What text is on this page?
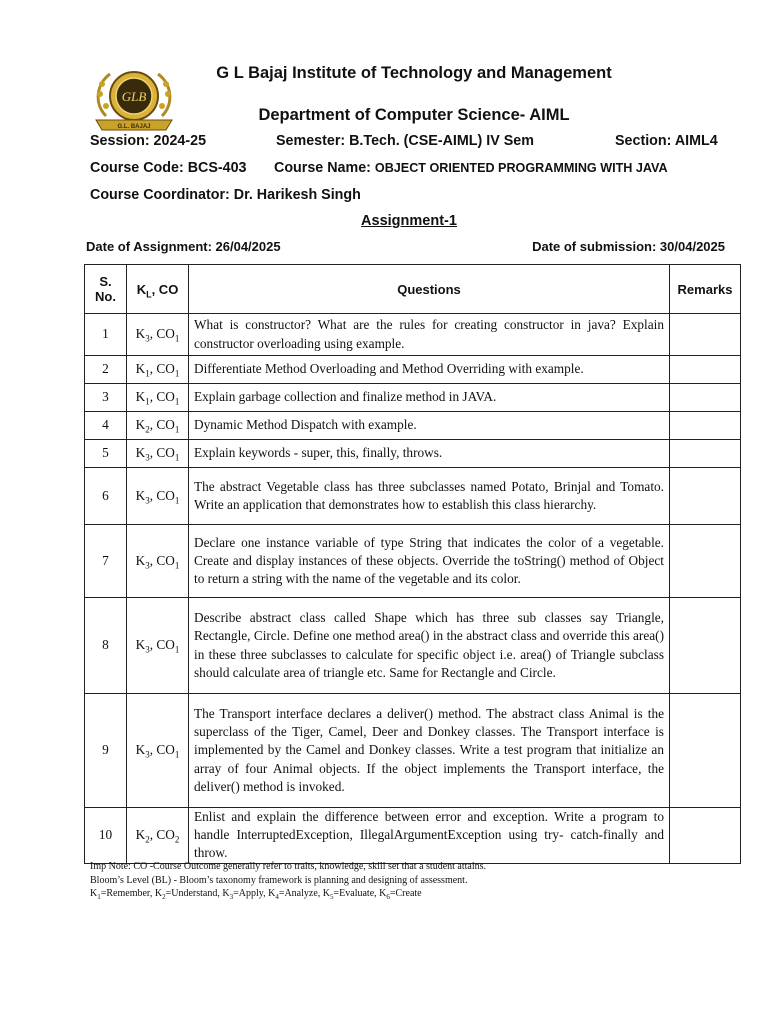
GLB
G.L. BAJAJ
G L Bajaj Institute of Technology and Management
Department of Computer Science- AIML
Session: 2024-25	Semester: B.Tech. (CSE-AIML) IV Sem	Section: AIML4
Course Code: BCS-403 Course Name: OBJECT ORIENTED PROGRAMMING WITH JAVA
Course Coordinator: Dr. Harikesh Singh
Assignment-1
Date of Assignment: 26/04/2025	Date of submission: 30/04/2025
S.
No.	$K_L$, CO	Questions	Remarks
1	$K_3$, $CO_1$	What is constructor? What are the rules for creating constructor in java? Explain constructor overloading using example.	
2	$K_1$, $CO_1$	Differentiate Method Overloading and Method Overriding with example.	
3	$K_1$, $CO_1$	Explain garbage collection and finalize method in JAVA.	
4	$K_2$, $CO_1$	Dynamic Method Dispatch with example.	
5	$K_3$, $CO_1$	Explain keywords - super, this, finally, throws.	
6	$K_3$, $CO_1$	The abstract Vegetable class has three subclasses named Potato, Brinjal and Tomato. Write an application that demonstrates how to establish this class hierarchy.	
7	$K_3$, $CO_1$	Declare one instance variable of type String that indicates the color of a vegetable. Create and display instances of these objects. Override the toString() method of Object to return a string with the name of the vegetable and its color.	
8	$K_3$, $CO_1$	Describe abstract class called Shape which has three sub classes say Triangle, Rectangle, Circle. Define one method area() in the abstract class and override this area() in these three subclasses to calculate for specific object i.e. area() of Triangle subclass should calculate area of triangle etc. Same for Rectangle and Circle.	
9	$K_3$, $CO_1$	The Transport interface declares a deliver() method. The abstract class Animal is the superclass of the Tiger, Camel, Deer and Donkey classes. The Transport interface is implemented by the Camel and Donkey classes. Write a test program that initialize an array of four Animal objects. If the object implements the Transport interface, the deliver() method is invoked.	
10	$K_2$, $CO_2$	Enlist and explain the difference between error and exception. Write a program to handle InterruptedException, IllegalArgumentException using try- catch-finally and throw.	
Imp Note: CO -Course Outcome generally refer to traits, knowledge, skill set that a student attains.
Bloom’s Level (BL) - Bloom’s taxonomy framework is planning and designing of assessment.
$K_1=Remember$, $K_2=Understand$, $K_3=Apply$, $K_4=Analyze$, $K_5=Evaluate$, $K_6=Create$
